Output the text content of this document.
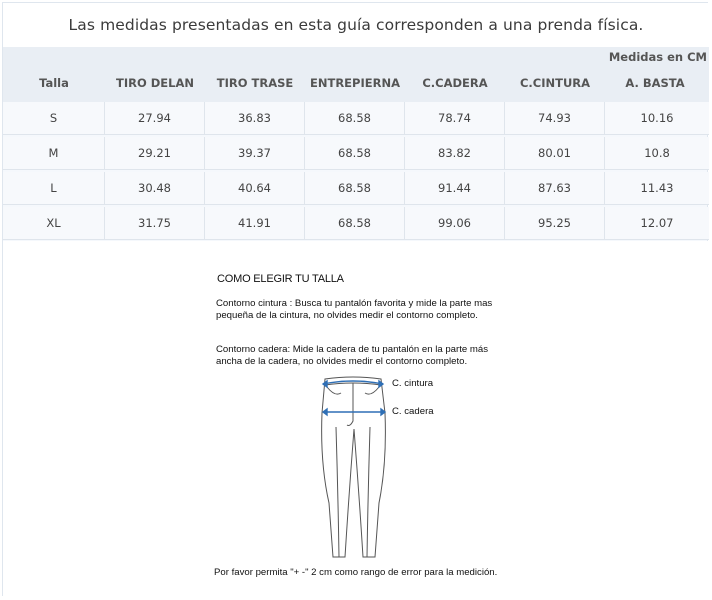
Las medidas presentadas en esta guía corresponden a una prenda física.
Medidas en CM
Talla	TIRO DELAN	TIRO TRASE	ENTREPIERNA	C.CADERA	C.CINTURA	A. BASTA
S	27.94	36.83	68.58	78.74	74.93	10.16
M	29.21	39.37	68.58	83.82	80.01	10.8
L	30.48	40.64	68.58	91.44	87.63	11.43
XL	31.75	41.91	68.58	99.06	95.25	12.07
COMO ELEGIR TU TALLA
Contorno cintura : Busca tu pantalón favorita y mide la parte mas pequeña de la cintura, no olvides medir el contorno completo.
Contorno cadera: Mide la cadera de tu pantalón en la parte más ancha de la cadera, no olvides medir el contorno completo.
C. cintura
C. cadera
Por favor permita "+ -" 2 cm como rango de error para la medición.
